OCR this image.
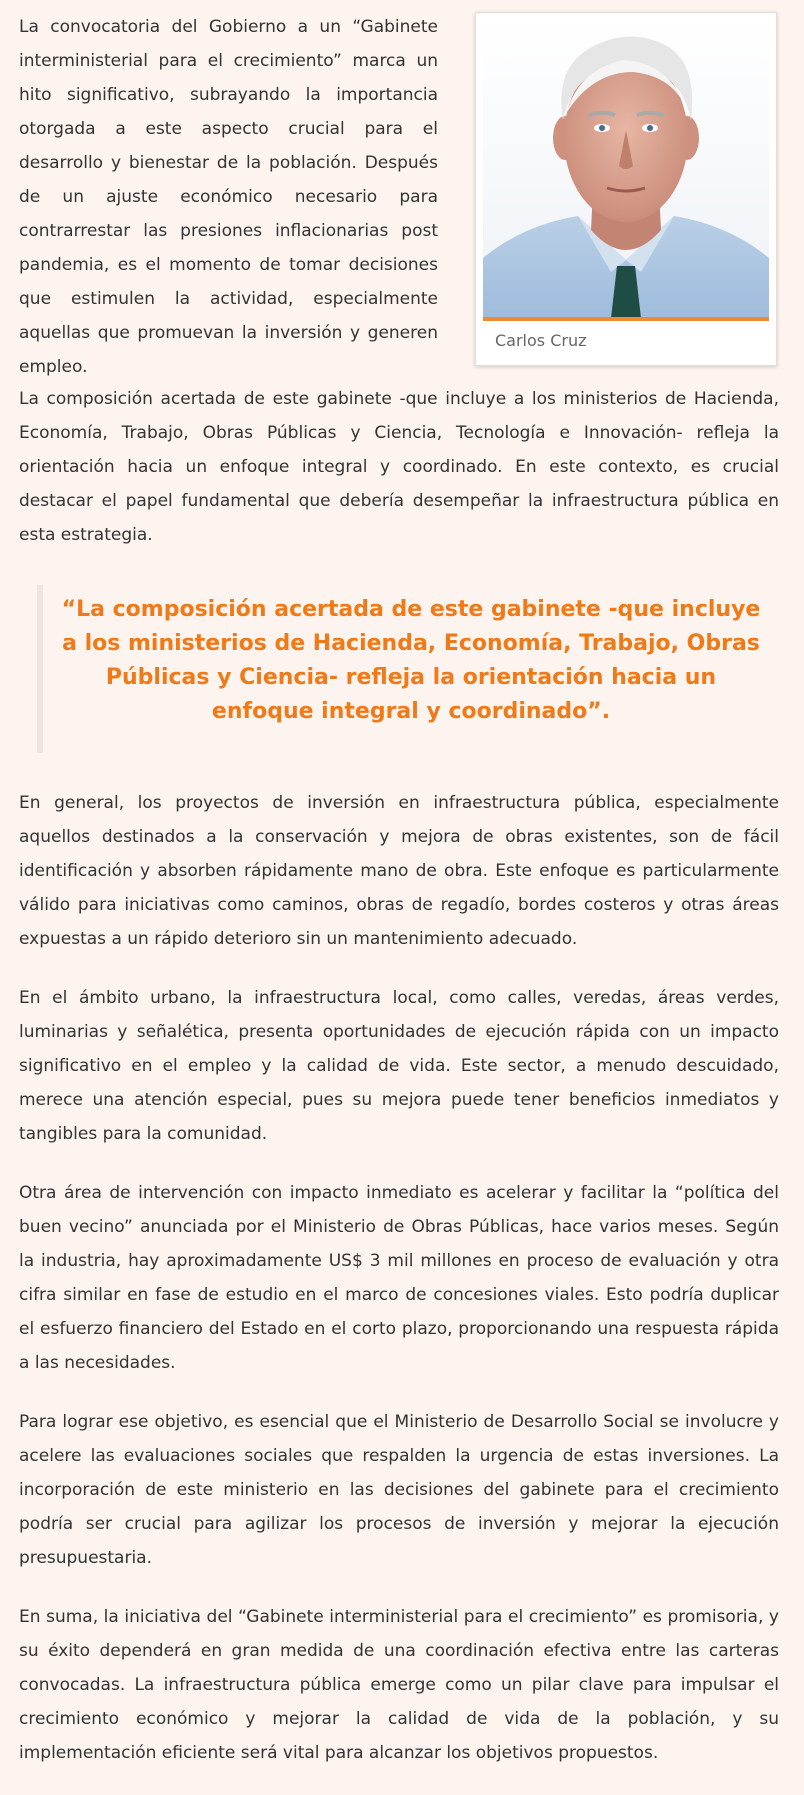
La convocatoria del Gobierno a un “Gabinete interministerial para el crecimiento” marca un hito significativo, subrayando la importancia otorgada a este aspecto crucial para el desarrollo y bienestar de la población. Después de un ajuste económico necesario para contrarrestar las presiones inflacionarias post pandemia, es el momento de tomar decisiones que estimulen la actividad, especialmente aquellas que promuevan la inversión y generen empleo.

Carlos Cruz

La composición acertada de este gabinete -que incluye a los ministerios de Hacienda, Economía, Trabajo, Obras Públicas y Ciencia, Tecnología e Innovación- refleja la orientación hacia un enfoque integral y coordinado. En este contexto, es crucial destacar el papel fundamental que debería desempeñar la infraestructura pública en esta estrategia.

“La composición acertada de este gabinete -que incluye a los ministerios de Hacienda, Economía, Trabajo, Obras Públicas y Ciencia- refleja la orientación hacia un enfoque integral y coordinado”.

En general, los proyectos de inversión en infraestructura pública, especialmente aquellos destinados a la conservación y mejora de obras existentes, son de fácil identificación y absorben rápidamente mano de obra. Este enfoque es particularmente válido para iniciativas como caminos, obras de regadío, bordes costeros y otras áreas expuestas a un rápido deterioro sin un mantenimiento adecuado.

En el ámbito urbano, la infraestructura local, como calles, veredas, áreas verdes, luminarias y señalética, presenta oportunidades de ejecución rápida con un impacto significativo en el empleo y la calidad de vida. Este sector, a menudo descuidado, merece una atención especial, pues su mejora puede tener beneficios inmediatos y tangibles para la comunidad.

Otra área de intervención con impacto inmediato es acelerar y facilitar la “política del buen vecino” anunciada por el Ministerio de Obras Públicas, hace varios meses. Según la industria, hay aproximadamente US$ 3 mil millones en proceso de evaluación y otra cifra similar en fase de estudio en el marco de concesiones viales. Esto podría duplicar el esfuerzo financiero del Estado en el corto plazo, proporcionando una respuesta rápida a las necesidades.

Para lograr ese objetivo, es esencial que el Ministerio de Desarrollo Social se involucre y acelere las evaluaciones sociales que respalden la urgencia de estas inversiones. La incorporación de este ministerio en las decisiones del gabinete para el crecimiento podría ser crucial para agilizar los procesos de inversión y mejorar la ejecución presupuestaria.

En suma, la iniciativa del “Gabinete interministerial para el crecimiento” es promisoria, y su éxito dependerá en gran medida de una coordinación efectiva entre las carteras convocadas. La infraestructura pública emerge como un pilar clave para impulsar el crecimiento económico y mejorar la calidad de vida de la población, y su implementación eficiente será vital para alcanzar los objetivos propuestos.
